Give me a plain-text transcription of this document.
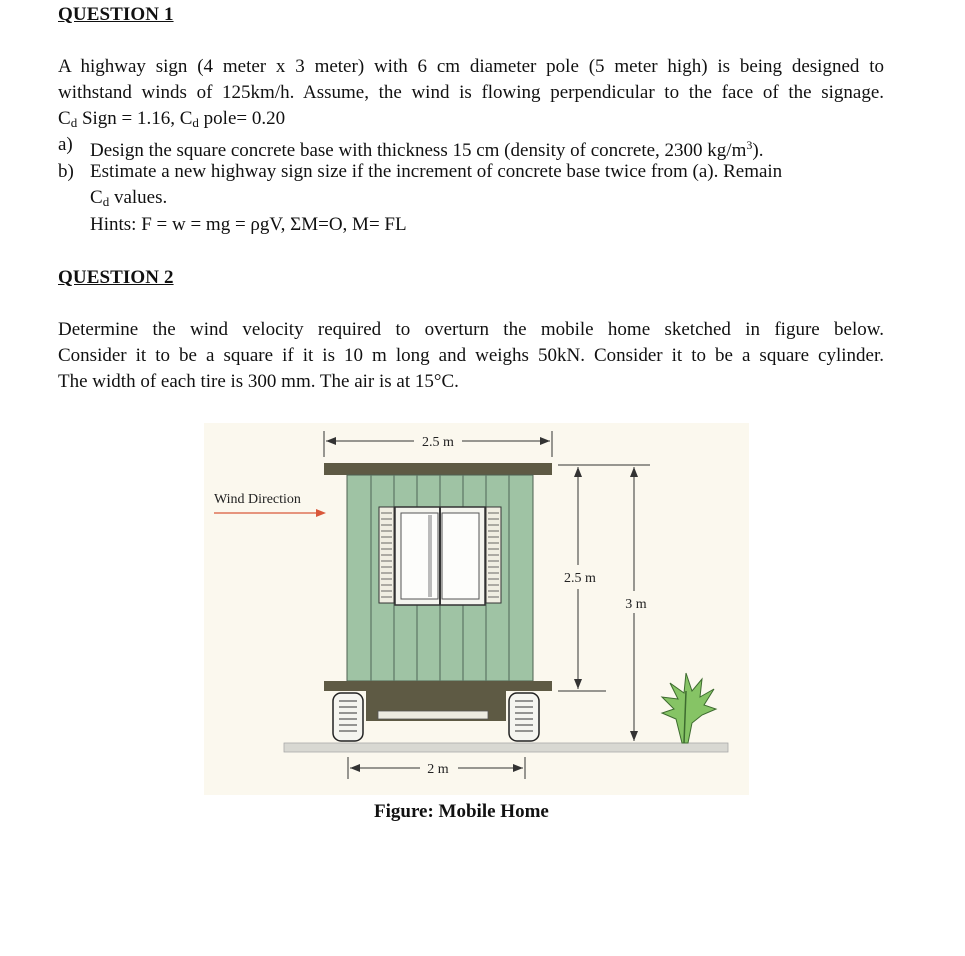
QUESTION 1
A highway sign (4 meter x 3 meter) with 6 cm diameter pole (5 meter high) is being designed to
withstand winds of 125km/h. Assume, the wind is flowing perpendicular to the face of the signage.
$C_d$ Sign = 1.16, $C_d$ pole= 0.20
a) Design the square concrete base with thickness 15 cm (density of concrete, 2300 $kg/m^3$).
b) Estimate a new highway sign size if the increment of concrete base twice from (a). Remain
$C_d$ values.
Hints: F = w = mg = ρgV, ΣM=O, M= FL
QUESTION 2
Determine the wind velocity required to overturn the mobile home sketched in figure below.
Consider it to be a square if it is 10 m long and weighs 50kN. Consider it to be a square cylinder.
The width of each tire is 300 mm. The air is at 15°C.
2.5 m
Wind Direction
2 m
2.5 m
3 m
Figure: Mobile Home
